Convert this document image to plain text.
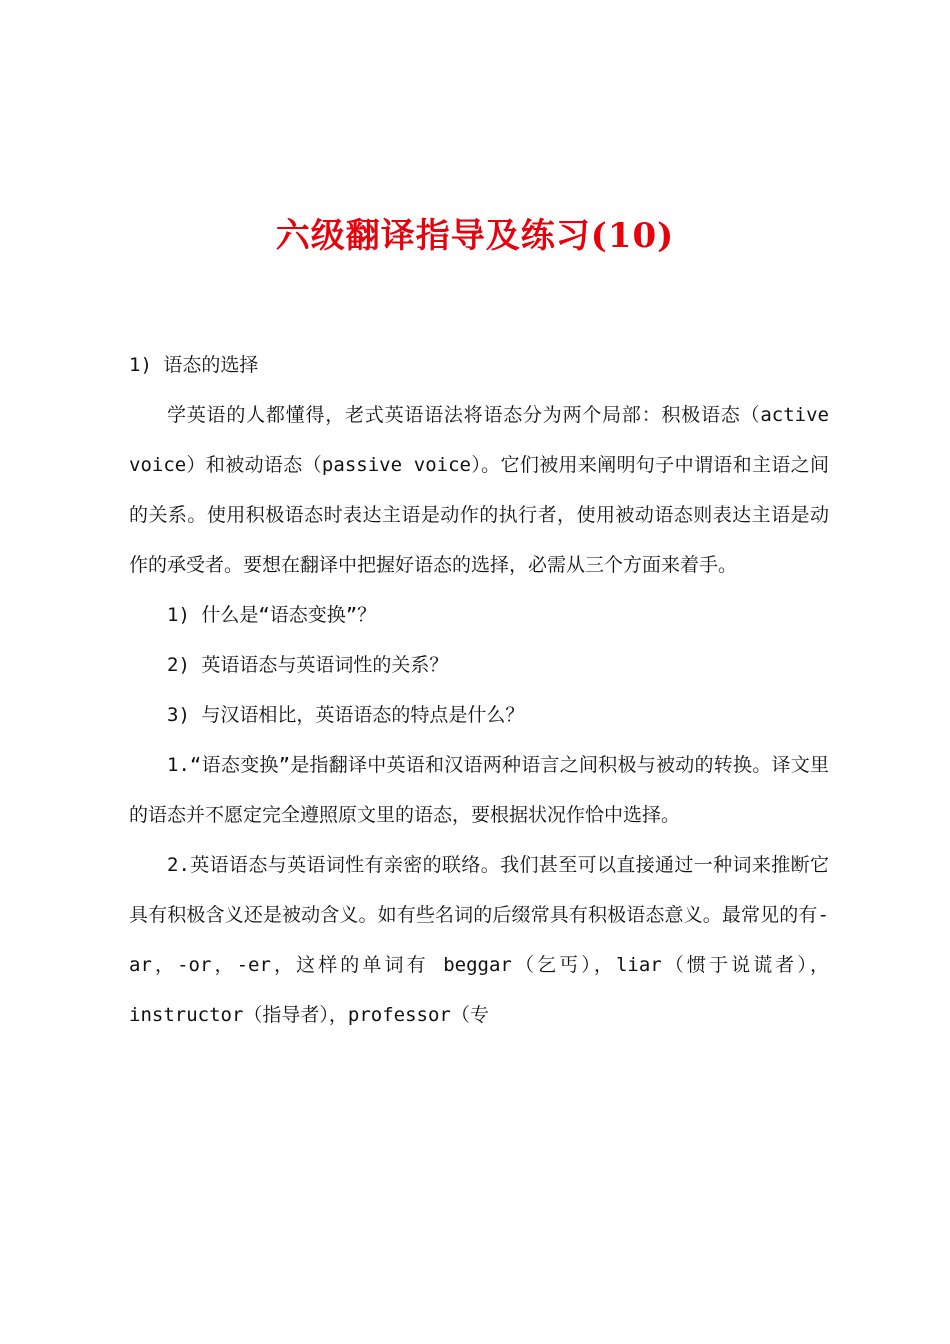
六级翻译指导及练习(10)

1) 语态的选择

学英语的人都懂得，老式英语语法将语态分为两个局部：积极语态（active voice）和被动语态（passive voice）。它们被用来阐明句子中谓语和主语之间的关系。使用积极语态时表达主语是动作的执行者，使用被动语态则表达主语是动作的承受者。要想在翻译中把握好语态的选择，必需从三个方面来着手。

1) 什么是“语态变换”？

2) 英语语态与英语词性的关系？

3) 与汉语相比，英语语态的特点是什么？

1.“语态变换”是指翻译中英语和汉语两种语言之间积极与被动的转换。译文里的语态并不愿定完全遵照原文里的语态，要根据状况作恰中选择。

2.英语语态与英语词性有亲密的联络。我们甚至可以直接通过一种词来推断它具有积极含义还是被动含义。如有些名词的后缀常具有积极语态意义。最常见的有-ar，-or，-er，这样的单词有 beggar（乞丐），liar（惯于说谎者），instructor（指导者），professor（专
